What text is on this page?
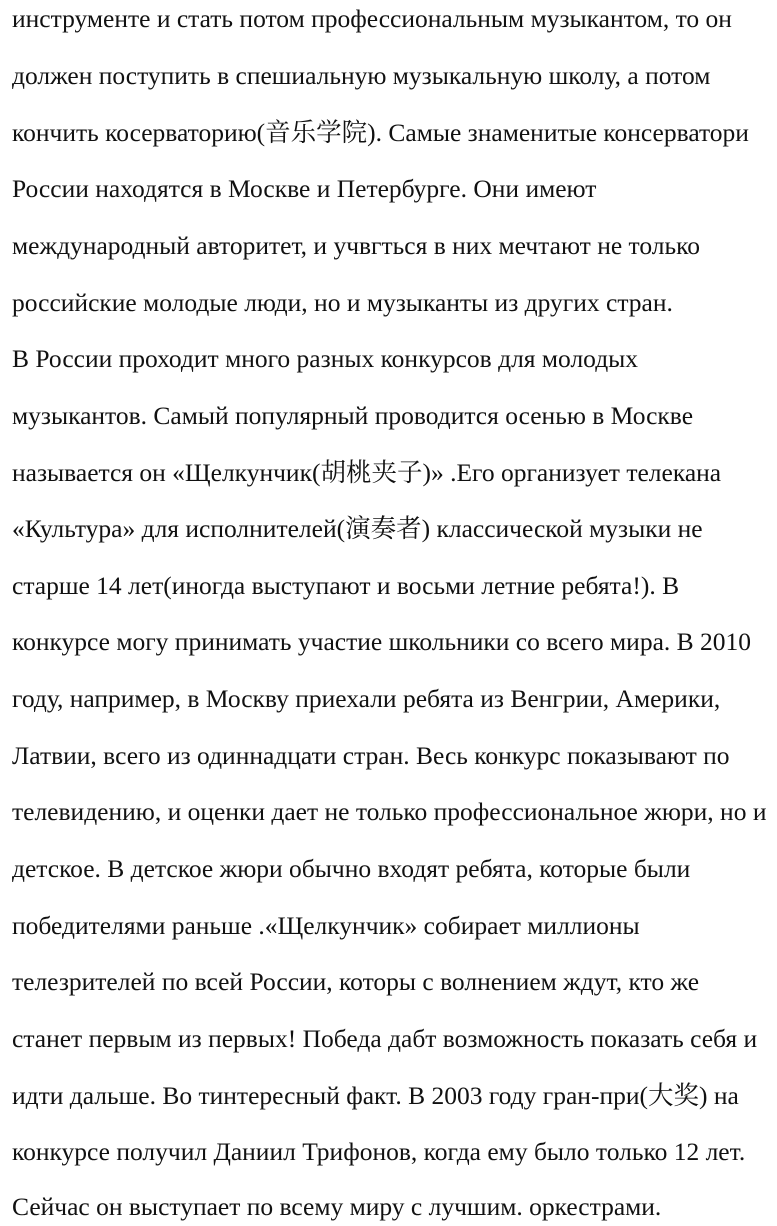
инструменте и стать потом профессиональным музыкантом, то он
должен поступить в спешиальную музыкальную школу, а потом
кончить косерваторию(音乐学院). Самые знаменитые консерватори
России находятся в Москве и Петербурге. Они имеют
международный авторитет, и учвгться в них мечтают не только
российские молодые люди, но и музыканты из других стран.
В России проходит много разных конкурсов для молодых
музыкантов. Самый популярный проводится осенью в Москве
называется он «Щелкунчик(胡桃夹子)» .Его организует телекана
«Культура» для исполнителей(演奏者) классической музыки не
старше 14 лет(иногда выступают и восьми летние ребята!). В
конкурсе могу принимать участие школьники со всего мира. В 2010
году, например, в Москву приехали ребята из Венгрии, Америки,
Латвии, всего из одиннадцати стран. Весь конкурс показывают по
телевидению, и оценки дает не только профессиональное жюри, но и
детское. В детское жюри обычно входят ребята, которые были
победителями раньше .«Щелкунчик» собирает миллионы
телезрителей по всей России, которы с волнением ждут, кто же
станет первым из первых! Победа дабт возможность показать себя и
идти дальше. Во тинтересный факт. В 2003 году гран-при(大奖) на
конкурсе получил Даниил Трифонов, когда ему было только 12 лет.
Сейчас он выступает по всему миру с лучшим. оркестрами.
